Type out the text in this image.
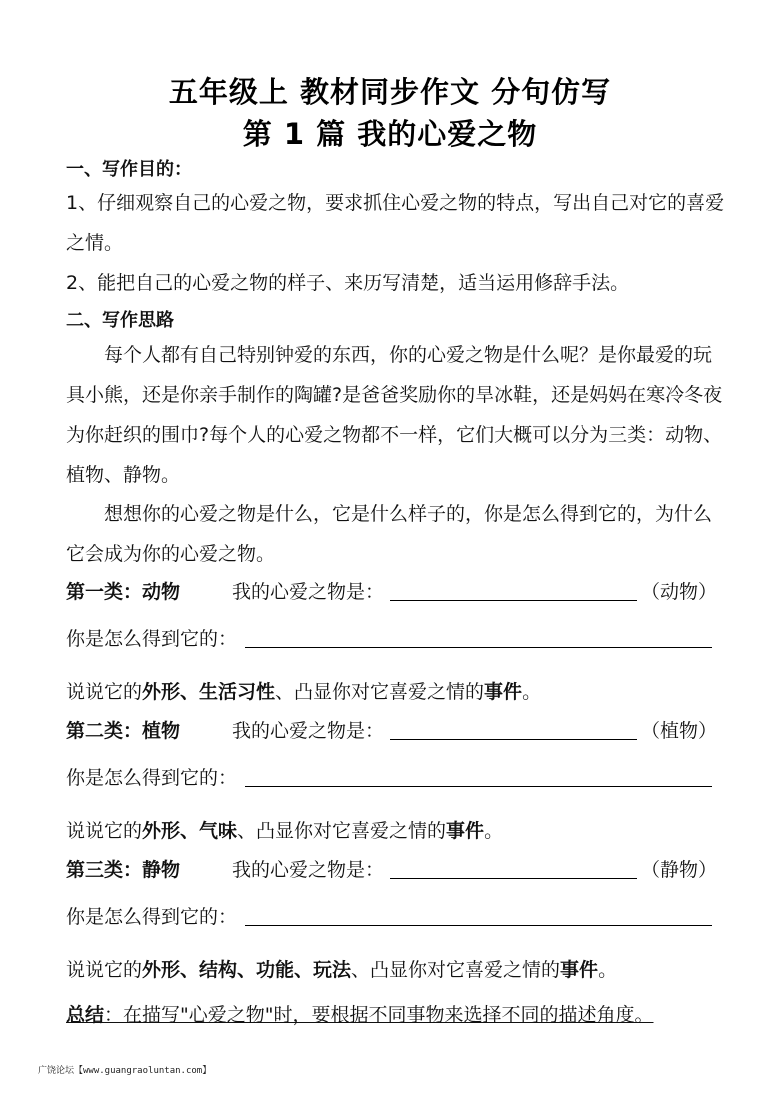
五年级上 教材同步作文 分句仿写
第 1 篇 我的心爱之物
一、写作目的：
1、仔细观察自己的心爱之物，要求抓住心爱之物的特点，写出自己对它的喜爱之情。
2、能把自己的心爱之物的样子、来历写清楚，适当运用修辞手法。
二、写作思路
每个人都有自己特别钟爱的东西，你的心爱之物是什么呢？是你最爱的玩具小熊，还是你亲手制作的陶罐?是爸爸奖励你的旱冰鞋，还是妈妈在寒冷冬夜为你赶织的围巾?每个人的心爱之物都不一样，它们大概可以分为三类：动物、植物、静物。
想想你的心爱之物是什么，它是什么样子的，你是怎么得到它的，为什么它会成为你的心爱之物。
第一类：动物	我的心爱之物是：	（动物）
你是怎么得到它的：
说说它的外形、生活习性、凸显你对它喜爱之情的事件。
第二类：植物	我的心爱之物是：	（植物）
你是怎么得到它的：
说说它的外形、气味、凸显你对它喜爱之情的事件。
第三类：静物	我的心爱之物是：	（静物）
你是怎么得到它的：
说说它的外形、结构、功能、玩法、凸显你对它喜爱之情的事件。
总结：在描写"心爱之物"时，要根据不同事物来选择不同的描述角度。
广饶论坛【www.guangraoluntan.com】
